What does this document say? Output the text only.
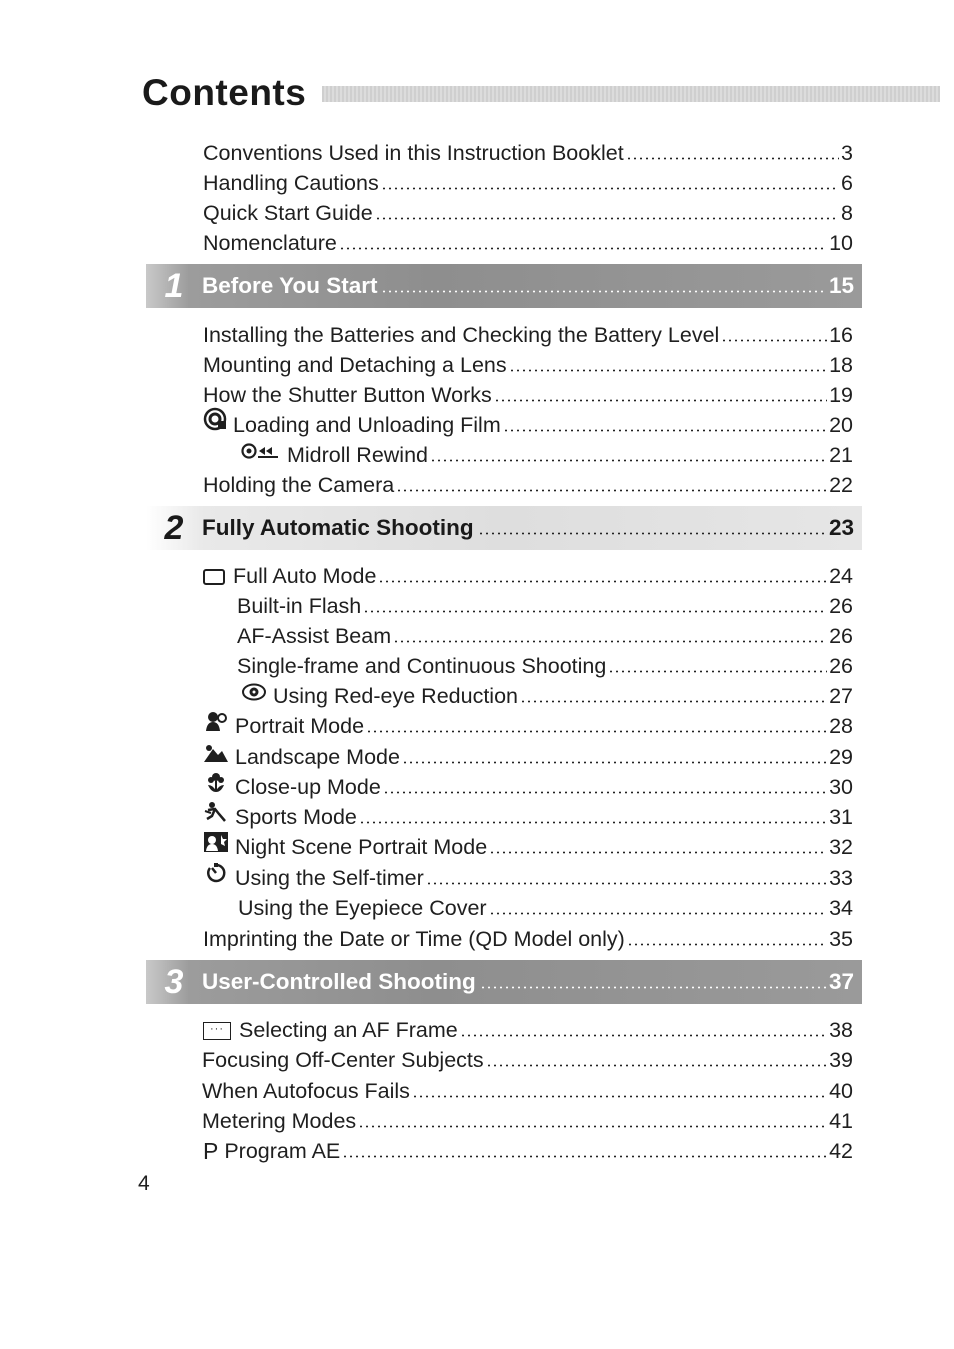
Contents
Conventions Used in this Instruction Booklet	3
Handling Cautions	6
Quick Start Guide	8
Nomenclature	10
1 Before You Start	15
Installing the Batteries and Checking the Battery Level	16
Mounting and Detaching a Lens	18
How the Shutter Button Works	19
Loading and Unloading Film	20
Midroll Rewind	21
Holding the Camera	22
2 Fully Automatic Shooting	23
Full Auto Mode	24
Built-in Flash	26
AF-Assist Beam	26
Single-frame and Continuous Shooting	26
Using Red-eye Reduction	27
Portrait Mode	28
Landscape Mode	29
Close-up Mode	30
Sports Mode	31
Night Scene Portrait Mode	32
Using the Self-timer	33
Using the Eyepiece Cover	34
Imprinting the Date or Time (QD Model only)	35
3 User-Controlled Shooting	37
··· Selecting an AF Frame	38
Focusing Off-Center Subjects	39
When Autofocus Fails	40
Metering Modes	41
P Program AE	42
4
